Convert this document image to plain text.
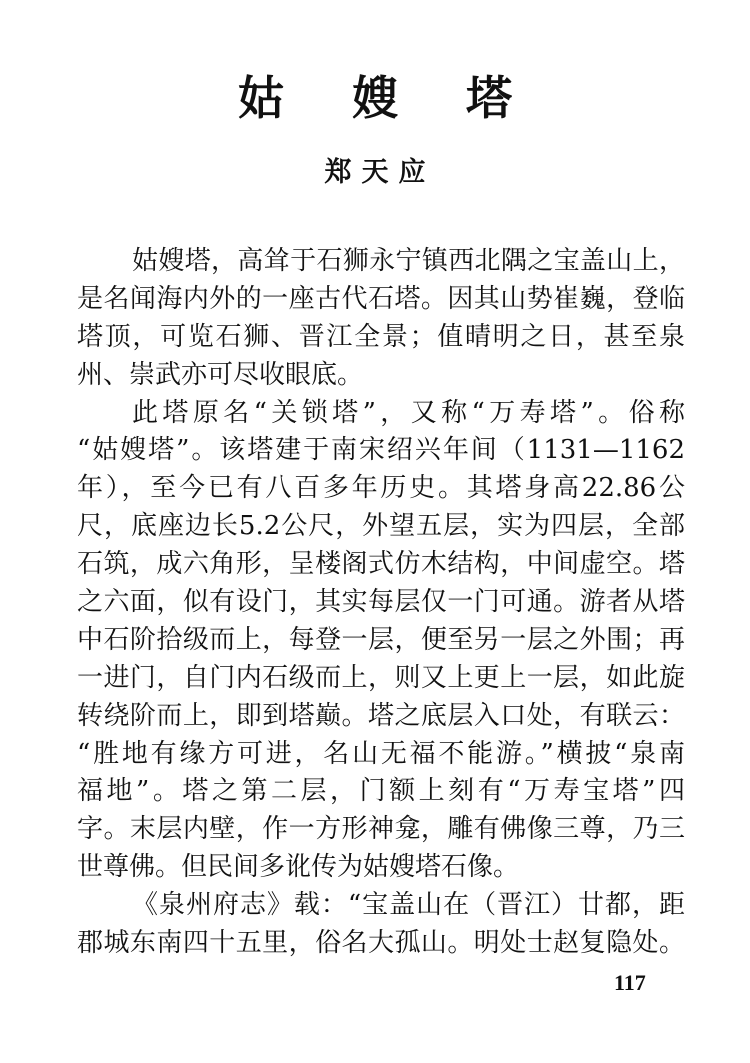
姑 嫂 塔
郑天应
姑嫂塔，高耸于石狮永宁镇西北隅之宝盖山上，
是名闻海内外的一座古代石塔。因其山势崔巍，登临
塔顶，可览石狮、晋江全景；值晴明之日，甚至泉
州、崇武亦可尽收眼底。
此塔原名“关锁塔”，又称“万寿塔”。俗称
“姑嫂塔”。该塔建于南宋绍兴年间（1131—1162
年），至今已有八百多年历史。其塔身高22.86公
尺，底座边长5.2公尺，外望五层，实为四层，全部
石筑，成六角形，呈楼阁式仿木结构，中间虚空。塔
之六面，似有设门，其实每层仅一门可通。游者从塔
中石阶拾级而上，每登一层，便至另一层之外围；再
一进门，自门内石级而上，则又上更上一层，如此旋
转绕阶而上，即到塔巅。塔之底层入口处，有联云：
“胜地有缘方可进，名山无福不能游。”横披“泉南
福地”。塔之第二层，门额上刻有“万寿宝塔”四
字。末层内壁，作一方形神龛，雕有佛像三尊，乃三
世尊佛。但民间多讹传为姑嫂塔石像。
《泉州府志》载：“宝盖山在（晋江）廿都，距
郡城东南四十五里，俗名大孤山。明处士赵复隐处。
117
